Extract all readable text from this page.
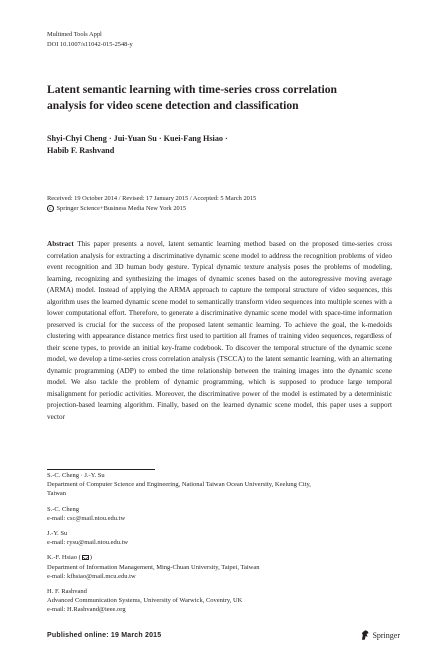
Multimed Tools Appl
DOI 10.1007/s11042-015-2548-y
Latent semantic learning with time-series cross correlation
analysis for video scene detection and classification
Shyi-Chyi Cheng · Jui-Yuan Su · Kuei-Fang Hsiao ·
Habib F. Rashvand
Received: 19 October 2014 / Revised: 17 January 2015 / Accepted: 5 March 2015
c Springer Science+Business Media New York 2015
Abstract This paper presents a novel, latent semantic learning method based on the proposed time-series cross correlation analysis for extracting a discriminative dynamic scene model to address the recognition problems of video event recognition and 3D human body gesture. Typical dynamic texture analysis poses the problems of modeling, learning, recognizing and synthesizing the images of dynamic scenes based on the autoregressive moving average (ARMA) model. Instead of applying the ARMA approach to capture the temporal structure of video sequences, this algorithm uses the learned dynamic scene model to semantically transform video sequences into multiple scenes with a lower computational effort. Therefore, to generate a discriminative dynamic scene model with space-time information preserved is crucial for the success of the proposed latent semantic learning. To achieve the goal, the k-medoids clustering with appearance distance metrics first used to partition all frames of training video sequences, regardless of their scene types, to provide an initial key-frame codebook. To discover the temporal structure of the dynamic scene model, we develop a time-series cross correlation analysis (TSCCA) to the latent semantic learning, with an alternating dynamic programming (ADP) to embed the time relationship between the training images into the dynamic scene model. We also tackle the problem of dynamic programming, which is supposed to produce large temporal misalignment for periodic activities. Moreover, the discriminative power of the model is estimated by a deterministic projection-based learning algorithm. Finally, based on the learned dynamic scene model, this paper uses a support vector
S.-C. Cheng · J.-Y. Su
Department of Computer Science and Engineering, National Taiwan Ocean University, Keelung City,
Taiwan
S.-C. Cheng
e-mail: csc@mail.ntou.edu.tw
J.-Y. Su
e-mail: rysu@mail.ntou.edu.tw
K.-F. Hsiao ( )
Department of Information Management, Ming-Chuan University, Taipei, Taiwan
e-mail: kfhsiao@mail.mcu.edu.tw
H. F. Rashvand
Advanced Communication Systems, University of Warwick, Coventry, UK
e-mail: H.Rashvand@ieee.org
Published online: 19 March 2015	Springer
